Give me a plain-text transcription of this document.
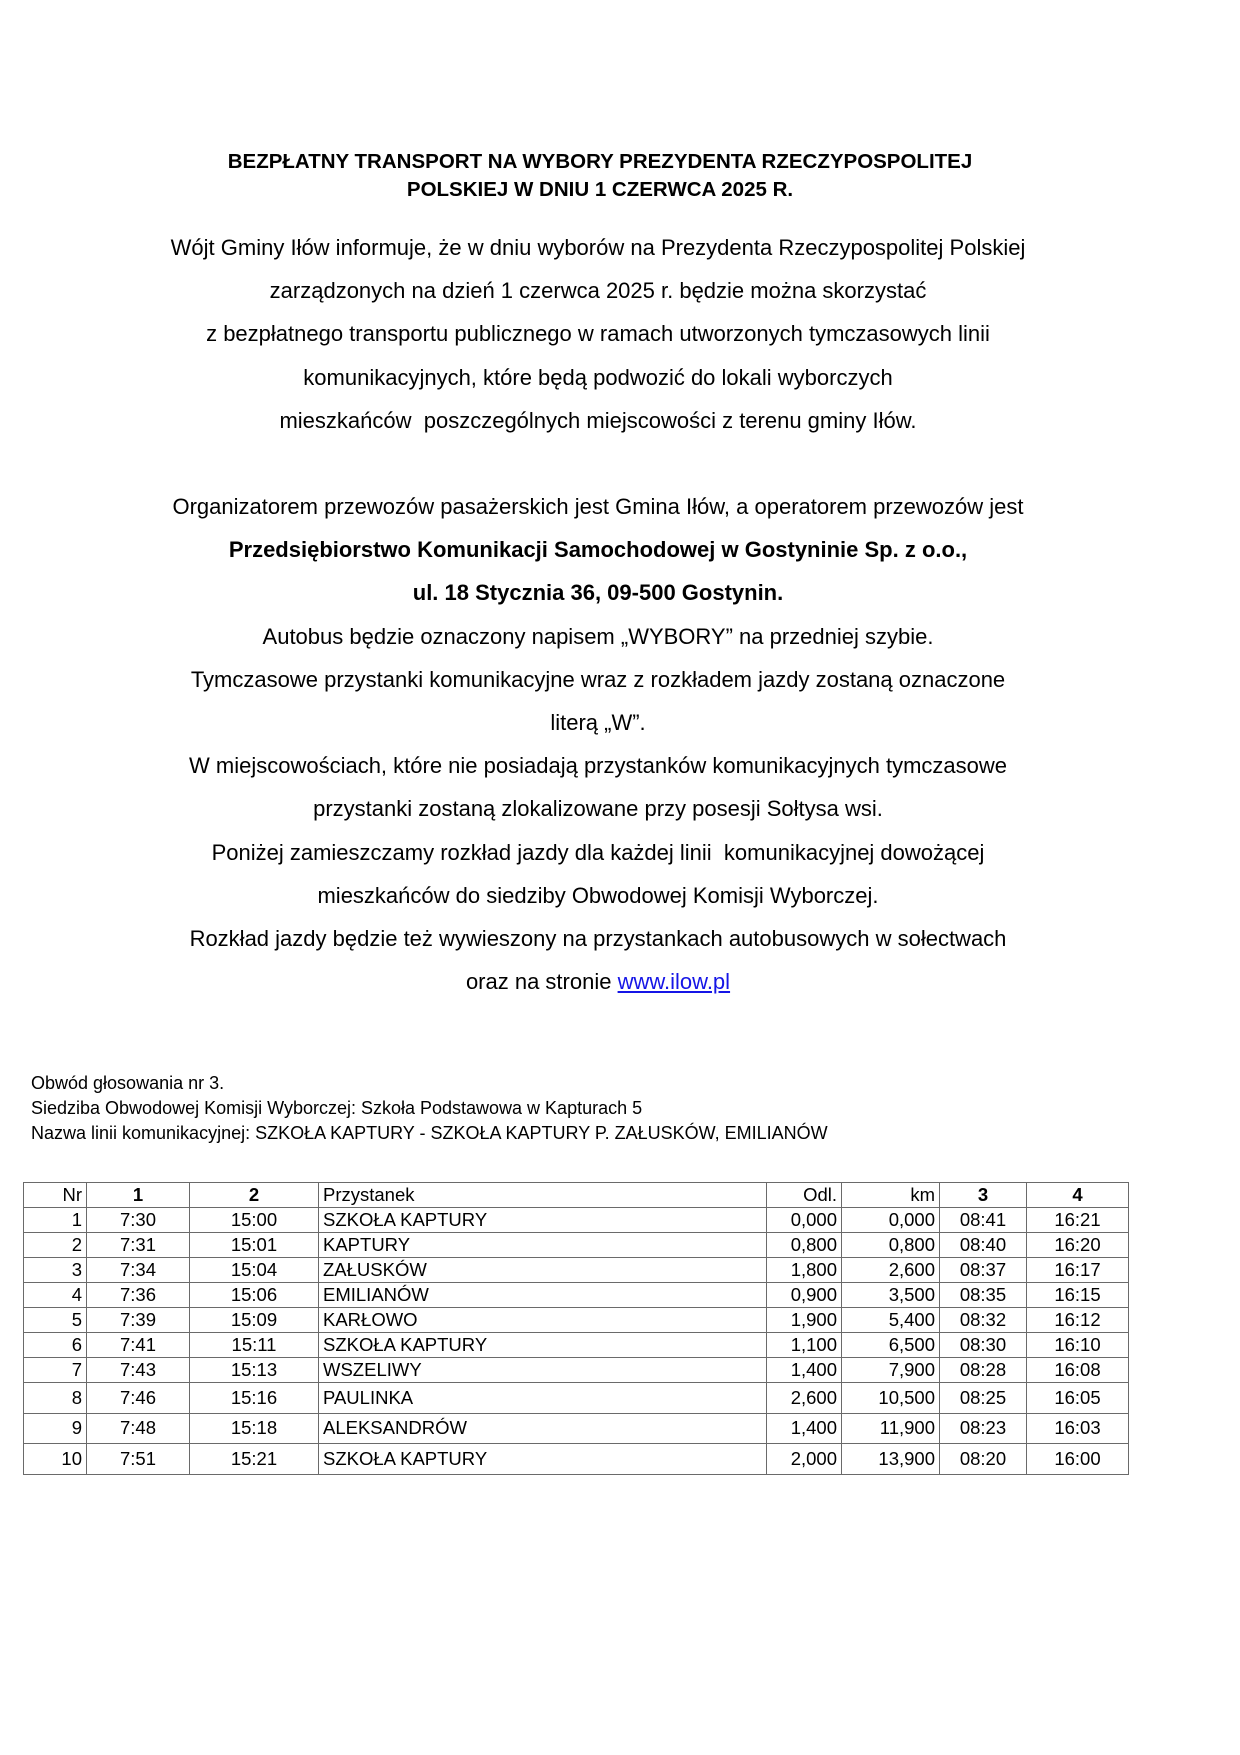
BEZPŁATNY TRANSPORT NA WYBORY PREZYDENTA RZECZYPOSPOLITEJ
POLSKIEJ W DNIU 1 CZERWCA 2025 R.
Wójt Gminy Iłów informuje, że w dniu wyborów na Prezydenta Rzeczypospolitej Polskiej
zarządzonych na dzień 1 czerwca 2025 r. będzie można skorzystać
z bezpłatnego transportu publicznego w ramach utworzonych tymczasowych linii
komunikacyjnych, które będą podwozić do lokali wyborczych
mieszkańców  poszczególnych miejscowości z terenu gminy Iłów.
Organizatorem przewozów pasażerskich jest Gmina Iłów, a operatorem przewozów jest
Przedsiębiorstwo Komunikacji Samochodowej w Gostyninie Sp. z o.o.,
ul. 18 Stycznia 36, 09-500 Gostynin.
Autobus będzie oznaczony napisem „WYBORY” na przedniej szybie.
Tymczasowe przystanki komunikacyjne wraz z rozkładem jazdy zostaną oznaczone
literą „W”.
W miejscowościach, które nie posiadają przystanków komunikacyjnych tymczasowe
przystanki zostaną zlokalizowane przy posesji Sołtysa wsi.
Poniżej zamieszczamy rozkład jazdy dla każdej linii  komunikacyjnej dowożącej
mieszkańców do siedziby Obwodowej Komisji Wyborczej.
Rozkład jazdy będzie też wywieszony na przystankach autobusowych w sołectwach
oraz na stronie www.ilow.pl
Obwód głosowania nr 3.
Siedziba Obwodowej Komisji Wyborczej: Szkoła Podstawowa w Kapturach 5
Nazwa linii komunikacyjnej: SZKOŁA KAPTURY - SZKOŁA KAPTURY P. ZAŁUSKÓW, EMILIANÓW
Nr	1	2	Przystanek	Odl.	km	3	4
1	7:30	15:00	SZKOŁA KAPTURY	0,000	0,000	08:41	16:21
2	7:31	15:01	KAPTURY	0,800	0,800	08:40	16:20
3	7:34	15:04	ZAŁUSKÓW	1,800	2,600	08:37	16:17
4	7:36	15:06	EMILIANÓW	0,900	3,500	08:35	16:15
5	7:39	15:09	KARŁOWO	1,900	5,400	08:32	16:12
6	7:41	15:11	SZKOŁA KAPTURY	1,100	6,500	08:30	16:10
7	7:43	15:13	WSZELIWY	1,400	7,900	08:28	16:08
8	7:46	15:16	PAULINKA	2,600	10,500	08:25	16:05
9	7:48	15:18	ALEKSANDRÓW	1,400	11,900	08:23	16:03
10	7:51	15:21	SZKOŁA KAPTURY	2,000	13,900	08:20	16:00
